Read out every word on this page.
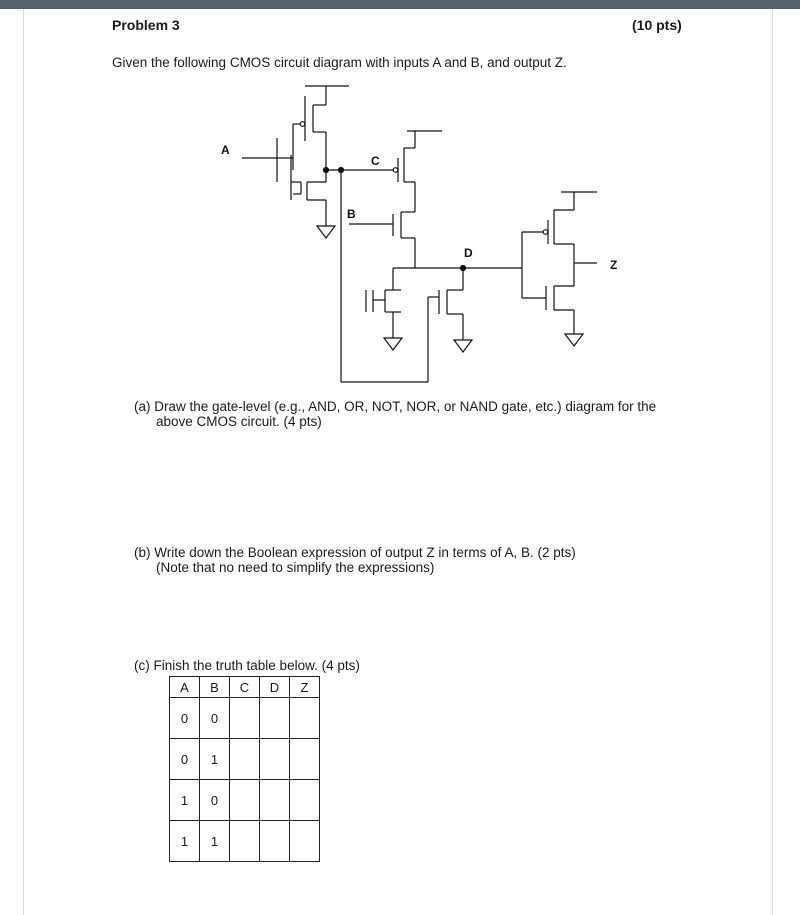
Problem 3	(10 pts)
Given the following CMOS circuit diagram with inputs A and B, and output Z.
A
C
B
D
Z
(a) Draw the gate-level (e.g., AND, OR, NOT, NOR, or NAND gate, etc.) diagram for the
above CMOS circuit. (4 pts)
(b) Write down the Boolean expression of output Z in terms of A, B. (2 pts)
(Note that no need to simplify the expressions)
(c) Finish the truth table below. (4 pts)
A	B	C	D	Z
0	0			
0	1			
1	0			
1	1			
